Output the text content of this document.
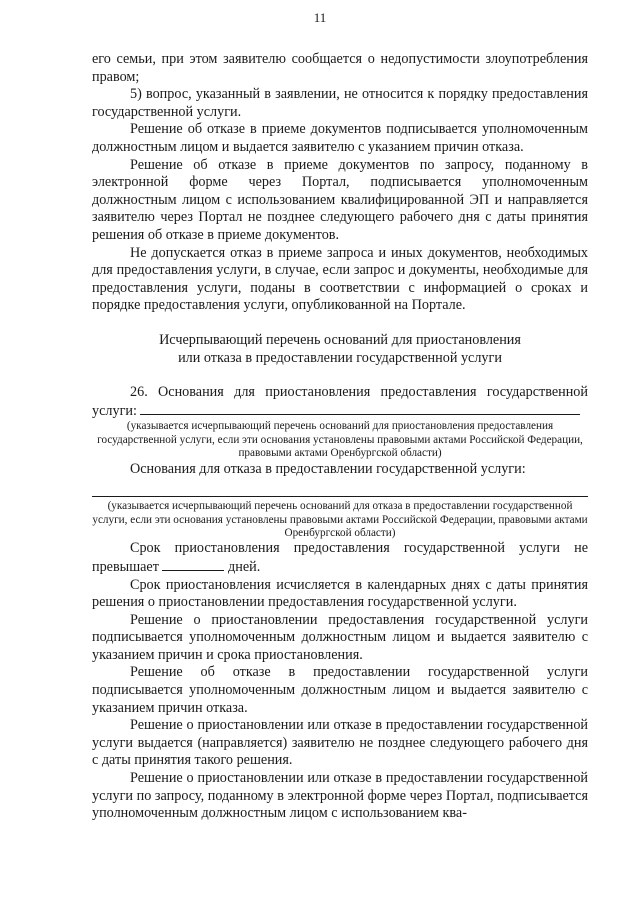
11

его семьи, при этом заявителю сообщается о недопустимости злоупотребления правом;

5) вопрос, указанный в заявлении, не относится к порядку предоставления государственной услуги.

Решение об отказе в приеме документов подписывается уполномоченным должностным лицом и выдается заявителю с указанием причин отказа.

Решение об отказе в приеме документов по запросу, поданному в электронной форме через Портал, подписывается уполномоченным должностным лицом с использованием квалифицированной ЭП и направляется заявителю через Портал не позднее следующего рабочего дня с даты принятия решения об отказе в приеме документов.

Не допускается отказ в приеме запроса и иных документов, необходимых для предоставления услуги, в случае, если запрос и документы, необходимые для предоставления услуги, поданы в соответствии с информацией о сроках и порядке предоставления услуги, опубликованной на Портале.

Исчерпывающий перечень оснований для приостановления
или отказа в предоставлении государственной услуги

26. Основания для приостановления предоставления государственной услуги:

(указывается исчерпывающий перечень оснований для приостановления предоставления государственной услуги, если эти основания установлены правовыми актами Российской Федерации, правовыми актами Оренбургской области)

Основания для отказа в предоставлении государственной услуги:

(указывается исчерпывающий перечень оснований для отказа в предоставлении государственной услуги, если эти основания установлены правовыми актами Российской Федерации, правовыми актами Оренбургской области)

Срок приостановления предоставления государственной услуги не превышает	дней.

Срок приостановления исчисляется в календарных днях с даты принятия решения о приостановлении предоставления государственной услуги.

Решение о приостановлении предоставления государственной услуги подписывается уполномоченным должностным лицом и выдается заявителю с указанием причин и срока приостановления.

Решение об отказе в предоставлении государственной услуги подписывается уполномоченным должностным лицом и выдается заявителю с указанием причин отказа.

Решение о приостановлении или отказе в предоставлении государственной услуги выдается (направляется) заявителю не позднее следующего рабочего дня с даты принятия такого решения.

Решение о приостановлении или отказе в предоставлении государственной услуги по запросу, поданному в электронной форме через Портал, подписывается уполномоченным должностным лицом с использованием ква-
